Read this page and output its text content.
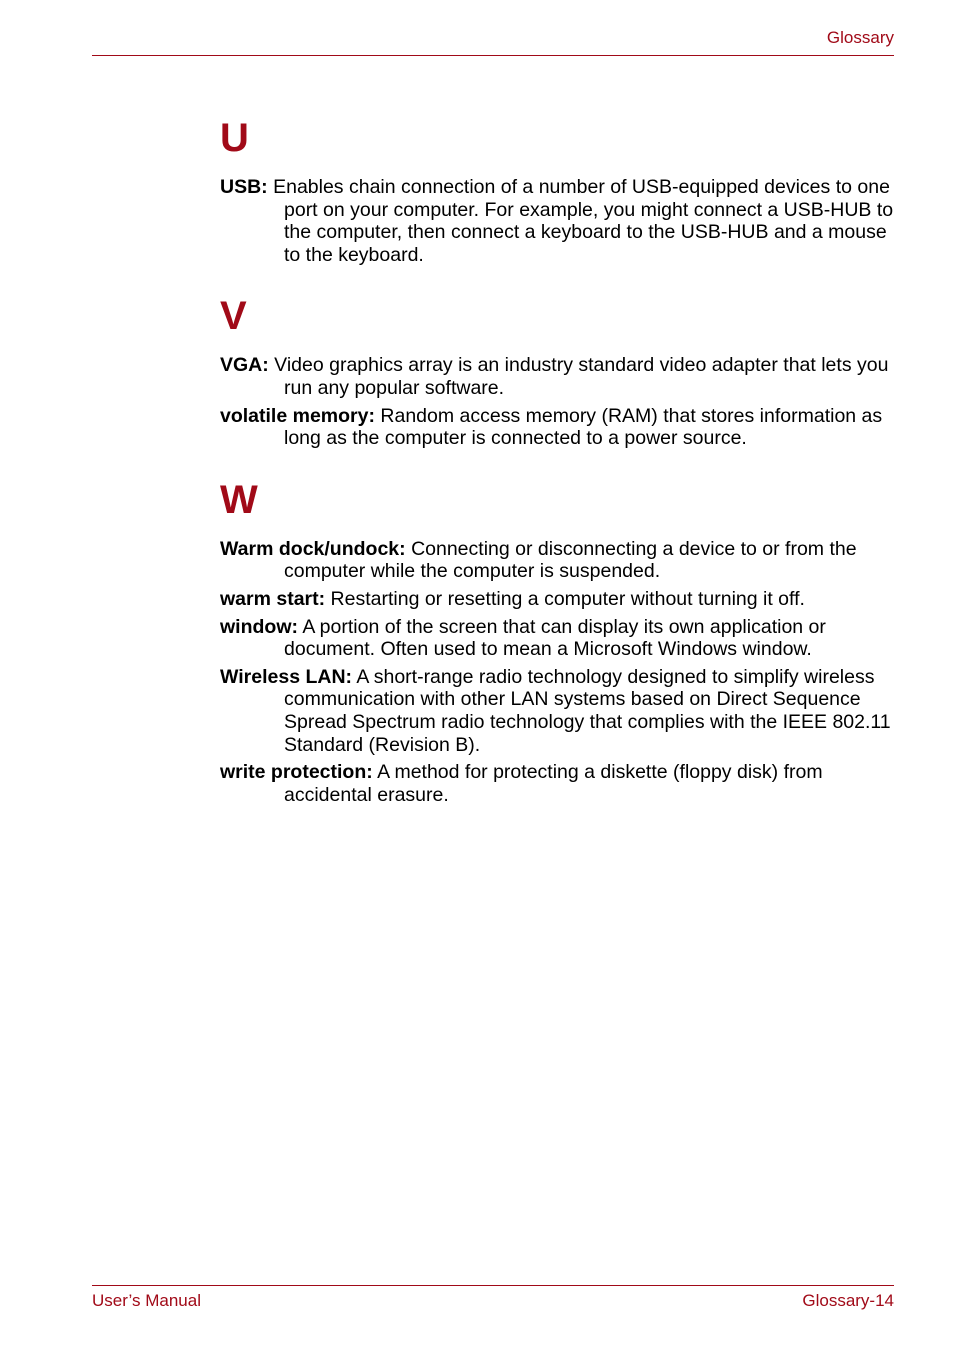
Glossary
U

USB: Enables chain connection of a number of USB-equipped devices to one port on your computer. For example, you might connect a USB-HUB to the computer, then connect a keyboard to the USB-HUB and a mouse to the keyboard.

V

VGA: Video graphics array is an industry standard video adapter that lets you run any popular software.

volatile memory: Random access memory (RAM) that stores information as long as the computer is connected to a power source.

W

Warm dock/undock: Connecting or disconnecting a device to or from the computer while the computer is suspended.

warm start: Restarting or resetting a computer without turning it off.

window: A portion of the screen that can display its own application or document. Often used to mean a Microsoft Windows window.

Wireless LAN: A short-range radio technology designed to simplify wireless communication with other LAN systems based on Direct Sequence Spread Spectrum radio technology that complies with the IEEE 802.11 Standard (Revision B).

write protection: A method for protecting a diskette (floppy disk) from accidental erasure.

User’s Manual	Glossary-14
